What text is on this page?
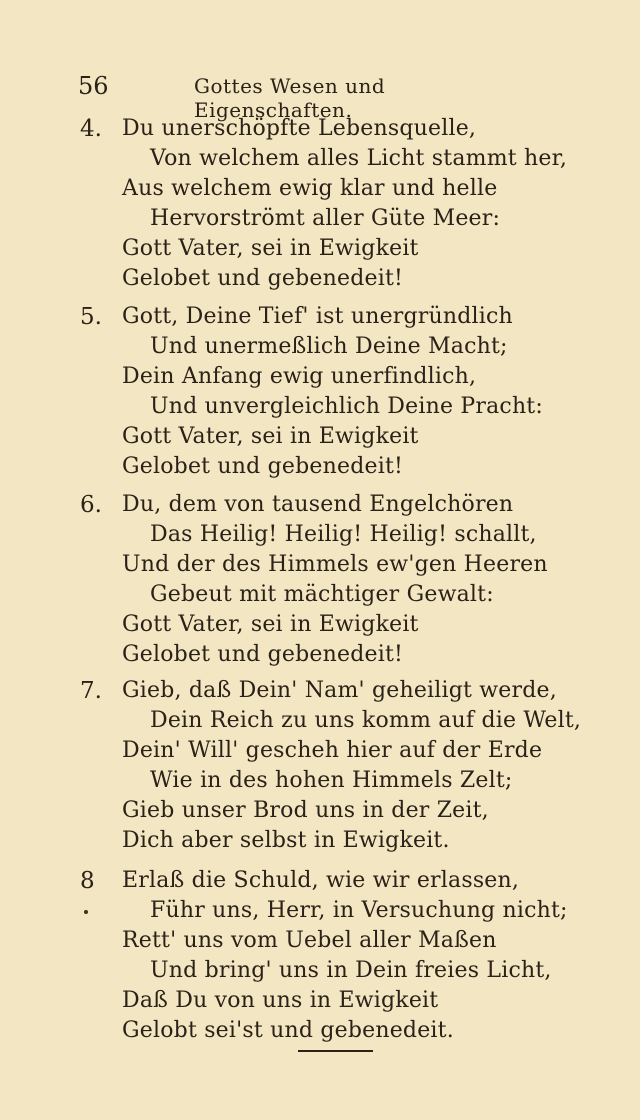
56	Gottes Wesen und Eigenschaften.
4. Du unerschöpfte Lebensquelle,
Von welchem alles Licht stammt her,
Aus welchem ewig klar und helle
Hervorströmt aller Güte Meer:
Gott Vater, sei in Ewigkeit
Gelobet und gebenedeit!
5. Gott, Deine Tief' ist unergründlich
Und unermeßlich Deine Macht;
Dein Anfang ewig unerfindlich,
Und unvergleichlich Deine Pracht:
Gott Vater, sei in Ewigkeit
Gelobet und gebenedeit!
6. Du, dem von tausend Engelchören
Das Heilig! Heilig! Heilig! schallt,
Und der des Himmels ew'gen Heeren
Gebeut mit mächtiger Gewalt:
Gott Vater, sei in Ewigkeit
Gelobet und gebenedeit!
7. Gieb, daß Dein' Nam' geheiligt werde,
Dein Reich zu uns komm auf die Welt,
Dein' Will' gescheh hier auf der Erde
Wie in des hohen Himmels Zelt;
Gieb unser Brod uns in der Zeit,
Dich aber selbst in Ewigkeit.
8 Erlaß die Schuld, wie wir erlassen,
Führ uns, Herr, in Versuchung nicht;
Rett' uns vom Uebel aller Maßen
Und bring' uns in Dein freies Licht,
Daß Du von uns in Ewigkeit
Gelobt sei'st und gebenedeit.
